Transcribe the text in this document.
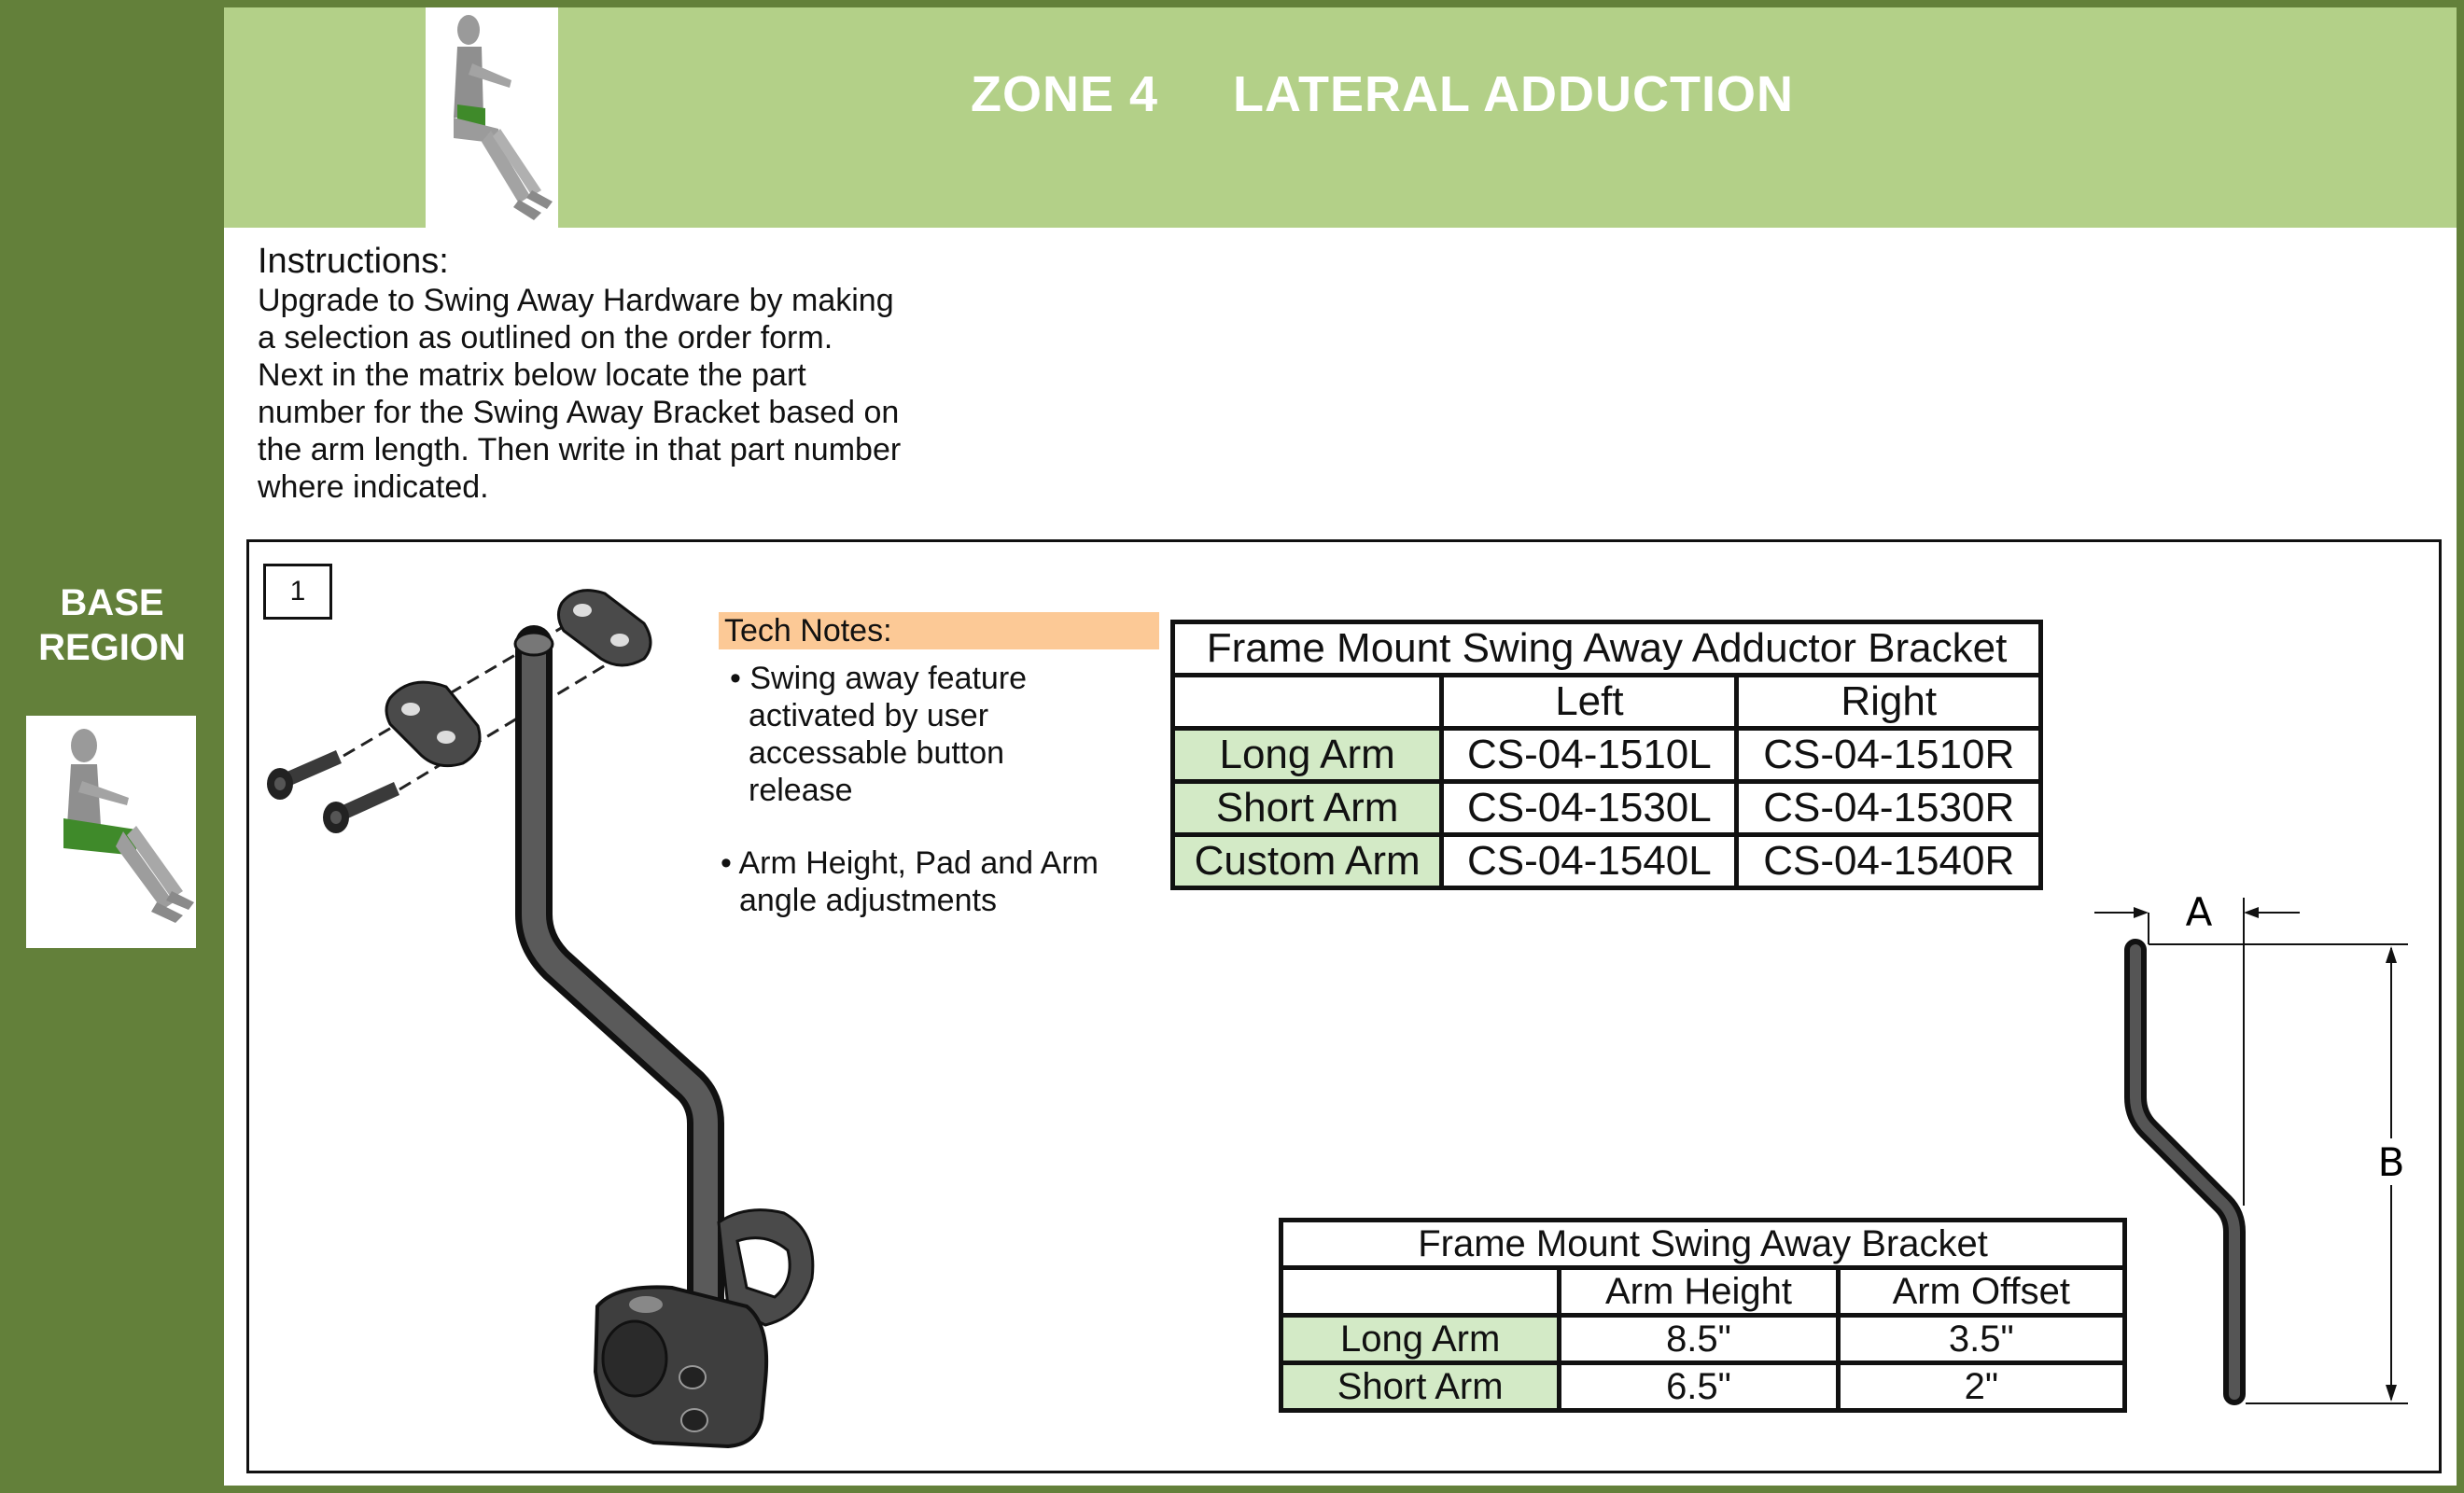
BASE
REGION
ZONE 4     LATERAL ADDUCTION
Instructions:
Upgrade to Swing Away Hardware by making
a selection as outlined on the order form.
Next in the matrix below locate the part
number for the Swing Away Bracket based on
the arm length. Then write in that part number
where indicated.
1
Tech Notes:
• Swing away feature
activated by user
accessable button
release
• Arm Height, Pad and Arm
angle adjustments
Frame Mount Swing Away Adductor Bracket		
	Left	Right
Long Arm	CS-04-1510L	CS-04-1510R
Short Arm	CS-04-1530L	CS-04-1530R
Custom Arm	CS-04-1540L	CS-04-1540R
Frame Mount Swing Away Bracket		
	Arm Height	Arm Offset
Long Arm	8.5"	3.5"
Short Arm	6.5"	2"
A
B
